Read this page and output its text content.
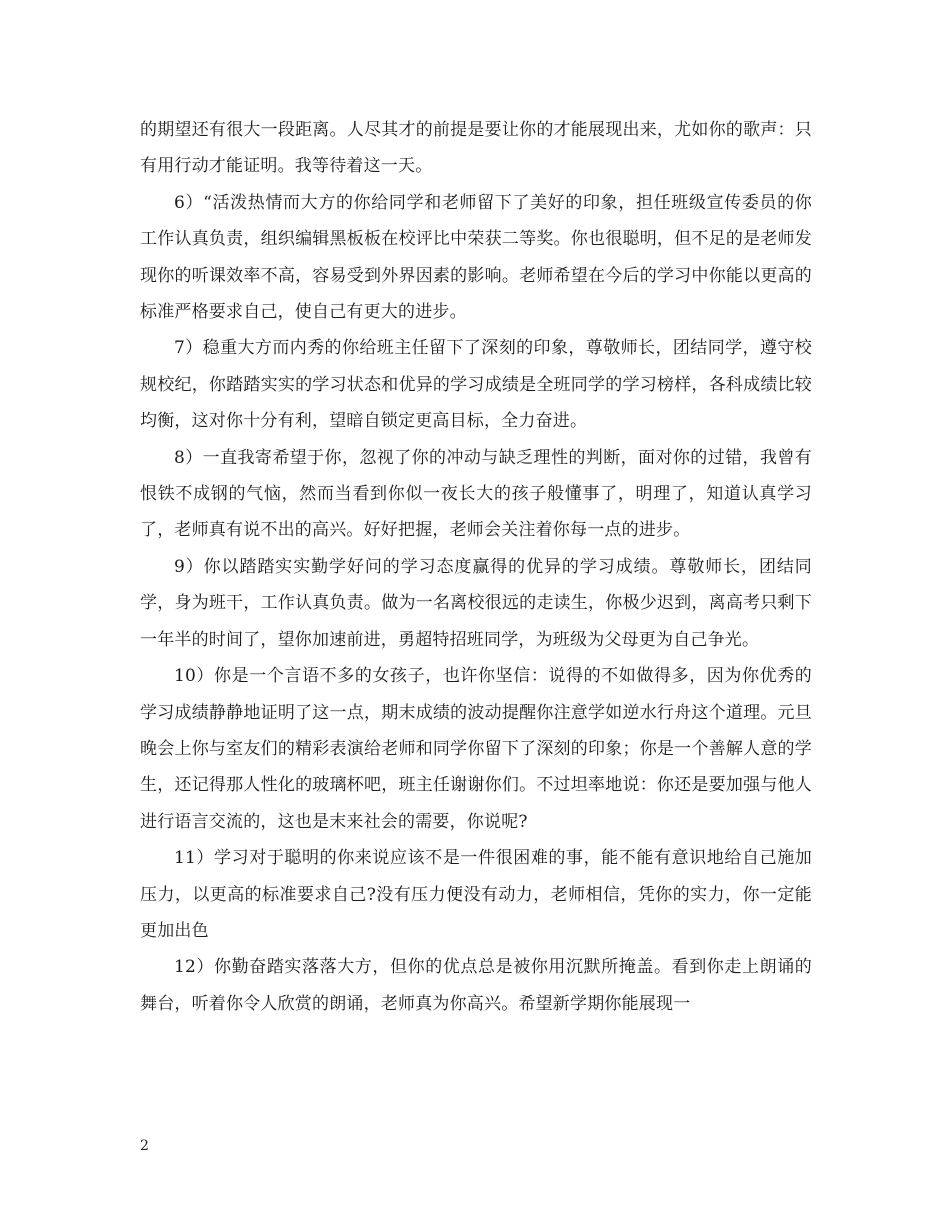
的期望还有很大一段距离。人尽其才的前提是要让你的才能展现出来，尤如你的歌声：只有用行动才能证明。我等待着这一天。

6）“活泼热情而大方的你给同学和老师留下了美好的印象，担任班级宣传委员的你工作认真负责，组织编辑黑板板在校评比中荣获二等奖。你也很聪明，但不足的是老师发现你的听课效率不高，容易受到外界因素的影响。老师希望在今后的学习中你能以更高的标准严格要求自己，使自己有更大的进步。

7）稳重大方而内秀的你给班主任留下了深刻的印象，尊敬师长，团结同学，遵守校规校纪，你踏踏实实的学习状态和优异的学习成绩是全班同学的学习榜样，各科成绩比较均衡，这对你十分有利，望暗自锁定更高目标，全力奋进。

8）一直我寄希望于你，忽视了你的冲动与缺乏理性的判断，面对你的过错，我曾有恨铁不成钢的气恼，然而当看到你似一夜长大的孩子般懂事了，明理了，知道认真学习了，老师真有说不出的高兴。好好把握，老师会关注着你每一点的进步。

9）你以踏踏实实勤学好问的学习态度赢得的优异的学习成绩。尊敬师长，团结同学，身为班干，工作认真负责。做为一名离校很远的走读生，你极少迟到，离高考只剩下一年半的时间了，望你加速前进，勇超特招班同学，为班级为父母更为自己争光。

10）你是一个言语不多的女孩子，也许你坚信：说得的不如做得多，因为你优秀的学习成绩静静地证明了这一点，期末成绩的波动提醒你注意学如逆水行舟这个道理。元旦晚会上你与室友们的精彩表演给老师和同学你留下了深刻的印象；你是一个善解人意的学生，还记得那人性化的玻璃杯吧，班主任谢谢你们。不过坦率地说：你还是要加强与他人进行语言交流的，这也是末来社会的需要，你说呢?

11）学习对于聪明的你来说应该不是一件很困难的事，能不能有意识地给自己施加压力，以更高的标准要求自己?没有压力便没有动力，老师相信，凭你的实力，你一定能更加出色

12）你勤奋踏实落落大方，但你的优点总是被你用沉默所掩盖。看到你走上朗诵的舞台，听着你令人欣赏的朗诵，老师真为你高兴。希望新学期你能展现一

2
